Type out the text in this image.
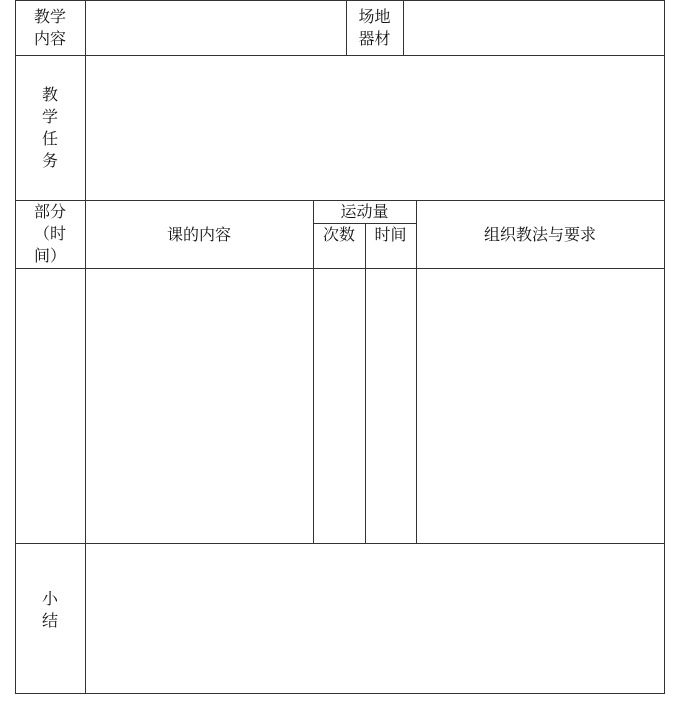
教学
内容
场地
器材
教
学
任
务
部分
（时
间）
课的内容
运动量
次数	时间	组织教法与要求
小
结
